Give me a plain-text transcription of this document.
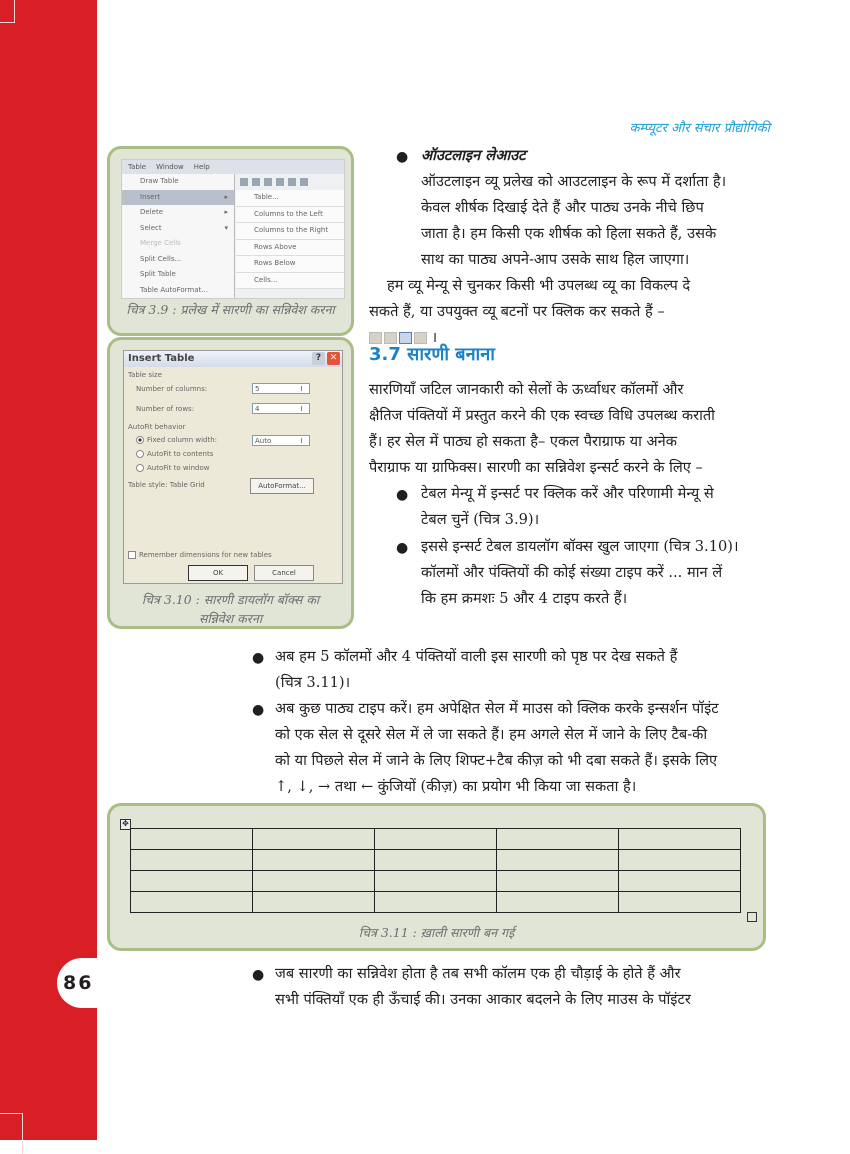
86
कम्प्यूटर और संचार प्रौद्योगिकी
Table Window Help
Draw Table
Insert	▸
Delete	▸
Select	▾
Merge Cells
Split Cells...
Split Table
Table AutoFormat...
Table...
Columns to the Left
Columns to the Right
Rows Above
Rows Below
Cells...
चित्र 3.9 : प्रलेख में सारणी का सन्निवेश करना
Insert Table	? ✕
Table size
Number of columns:	5
Number of rows:	4
AutoFit behavior
Fixed column width:	Auto
AutoFit to contents
AutoFit to window
Table style: Table Grid	AutoFormat...
Remember dimensions for new tables
OK	Cancel
चित्र 3.10 : सारणी डायलॉग बॉक्स का
सन्निवेश करना
● ऑउटलाइन लेआउट
ऑउटलाइन व्यू प्रलेख को आउटलाइन के रूप में दर्शाता है।
केवल शीर्षक दिखाई देते हैं और पाठ्य उनके नीचे छिप
जाता है। हम किसी एक शीर्षक को हिला सकते हैं, उसके
साथ का पाठ्य अपने-आप उसके साथ हिल जाएगा।
हम व्यू मेन्यू से चुनकर किसी भी उपलब्ध व्यू का विकल्प दे
सकते हैं, या उपयुक्त व्यू बटनों पर क्लिक कर सकते हैं –
।
3.7 सारणी बनाना
सारणियाँ जटिल जानकारी को सेलों के ऊर्ध्वाधर कॉलमों और
क्षैतिज पंक्तियों में प्रस्तुत करने की एक स्वच्छ विधि उपलब्ध कराती
हैं। हर सेल में पाठ्य हो सकता है– एकल पैराग्राफ या अनेक
पैराग्राफ या ग्राफिक्स। सारणी का सन्निवेश इन्सर्ट करने के लिए –
● टेबल मेन्यू में इन्सर्ट पर क्लिक करें और परिणामी मेन्यू से
टेबल चुनें (चित्र 3.9)।
● इससे इन्सर्ट टेबल डायलॉग बॉक्स खुल जाएगा (चित्र 3.10)।
कॉलमों और पंक्तियों की कोई संख्या टाइप करें ... मान लें
कि हम क्रमशः 5 और 4 टाइप करते हैं।
● अब हम 5 कॉलमों और 4 पंक्तियों वाली इस सारणी को पृष्ठ पर देख सकते हैं
(चित्र 3.11)।
● अब कुछ पाठ्य टाइप करें। हम अपेक्षित सेल में माउस को क्लिक करके इन्सर्शन पॉइंट
को एक सेल से दूसरे सेल में ले जा सकते हैं। हम अगले सेल में जाने के लिए टैब-की
को या पिछले सेल में जाने के लिए शिफ्ट+टैब कीज़ को भी दबा सकते हैं। इसके लिए
↑, ↓, → तथा ← कुंजियों (कीज़) का प्रयोग भी किया जा सकता है।
✥

चित्र 3.11 : ख़ाली सारणी बन गई
● जब सारणी का सन्निवेश होता है तब सभी कॉलम एक ही चौड़ाई के होते हैं और
सभी पंक्तियाँ एक ही ऊँचाई की। उनका आकार बदलने के लिए माउस के पॉइंटर
